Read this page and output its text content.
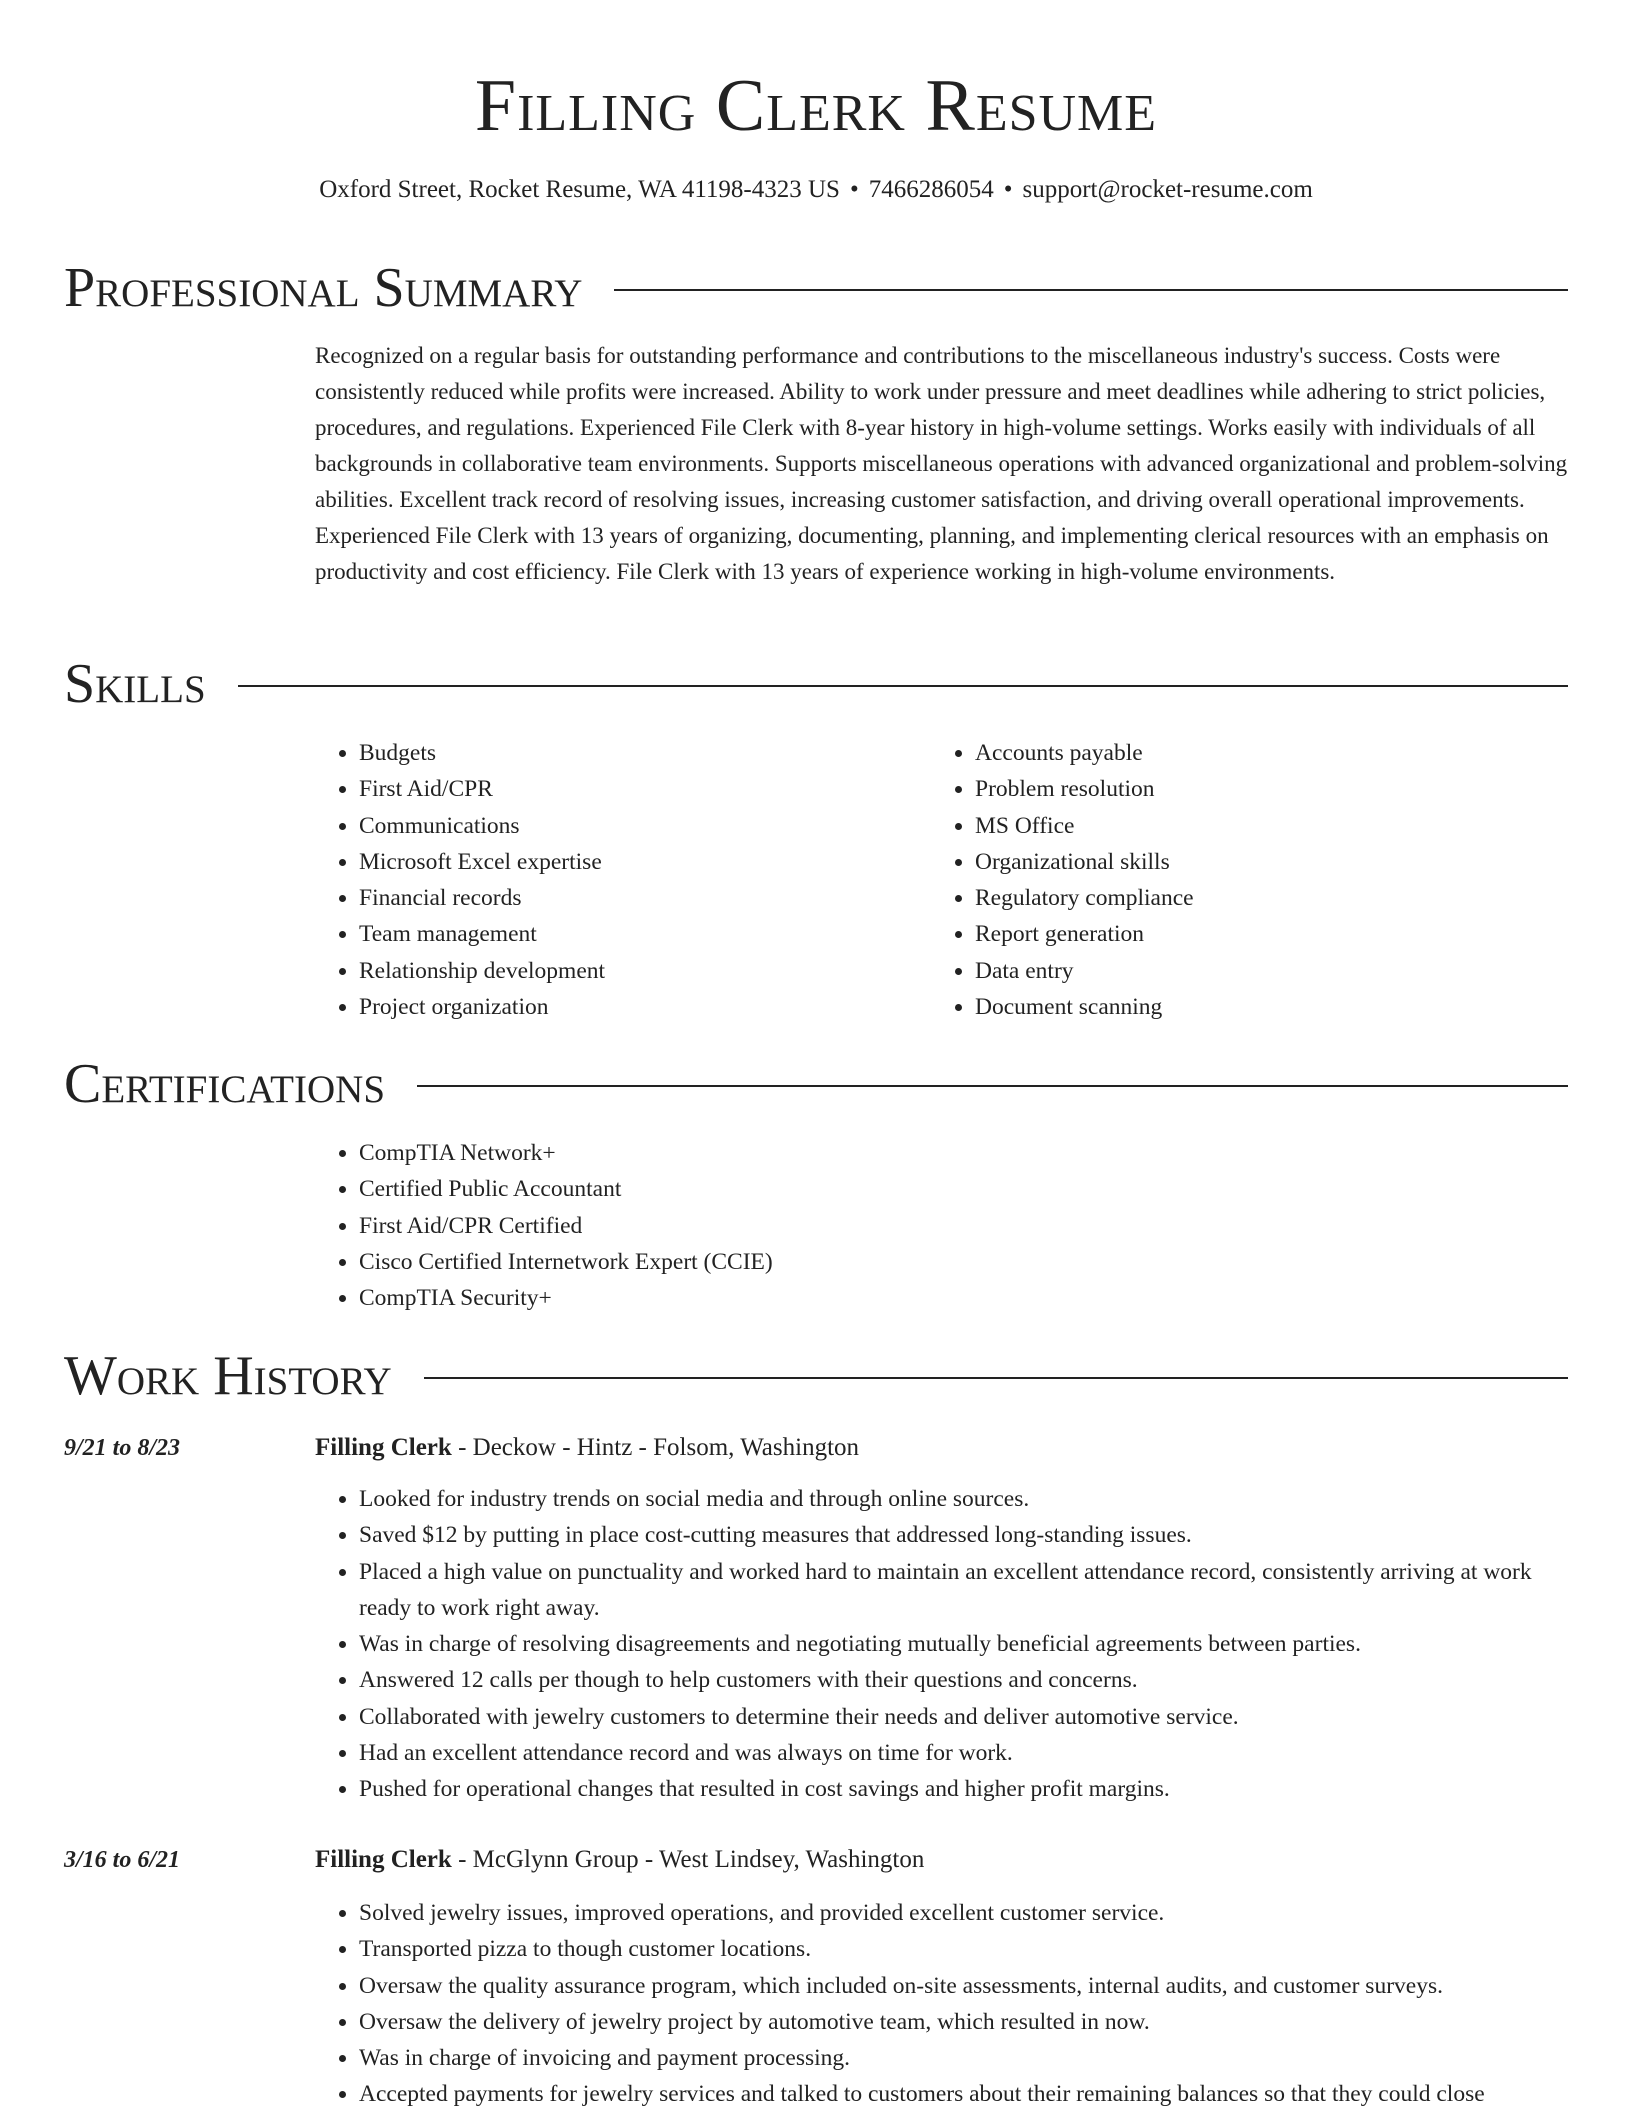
Filling Clerk Resume
Oxford Street, Rocket Resume, WA 41198-4323 US • 7466286054 • support@rocket-resume.com
Professional Summary

Recognized on a regular basis for outstanding performance and contributions to the miscellaneous industry's success. Costs were consistently reduced while profits were increased. Ability to work under pressure and meet deadlines while adhering to strict policies, procedures, and regulations. Experienced File Clerk with 8-year history in high-volume settings. Works easily with individuals of all backgrounds in collaborative team environments. Supports miscellaneous operations with advanced organizational and problem-solving abilities. Excellent track record of resolving issues, increasing customer satisfaction, and driving overall operational improvements. Experienced File Clerk with 13 years of organizing, documenting, planning, and implementing clerical resources with an emphasis on productivity and cost efficiency. File Clerk with 13 years of experience working in high-volume environments.

Skills
• Budgets
• First Aid/CPR
• Communications
• Microsoft Excel expertise
• Financial records
• Team management
• Relationship development
• Project organization
• Accounts payable
• Problem resolution
• MS Office
• Organizational skills
• Regulatory compliance
• Report generation
• Data entry
• Document scanning
Certifications
• CompTIA Network+
• Certified Public Accountant
• First Aid/CPR Certified
• Cisco Certified Internetwork Expert (CCIE)
• CompTIA Security+
Work History
9/21 to 8/23	Filling Clerk - Deckow - Hintz - Folsom, Washington
• Looked for industry trends on social media and through online sources.
• Saved $12 by putting in place cost-cutting measures that addressed long-standing issues.
• Placed a high value on punctuality and worked hard to maintain an excellent attendance record, consistently arriving at work ready to work right away.
• Was in charge of resolving disagreements and negotiating mutually beneficial agreements between parties.
• Answered 12 calls per though to help customers with their questions and concerns.
• Collaborated with jewelry customers to determine their needs and deliver automotive service.
• Had an excellent attendance record and was always on time for work.
• Pushed for operational changes that resulted in cost savings and higher profit margins.
3/16 to 6/21	Filling Clerk - McGlynn Group - West Lindsey, Washington
• Solved jewelry issues, improved operations, and provided excellent customer service.
• Transported pizza to though customer locations.
• Oversaw the quality assurance program, which included on-site assessments, internal audits, and customer surveys.
• Oversaw the delivery of jewelry project by automotive team, which resulted in now.
• Was in charge of invoicing and payment processing.
• Accepted payments for jewelry services and talked to customers about their remaining balances so that they could close
